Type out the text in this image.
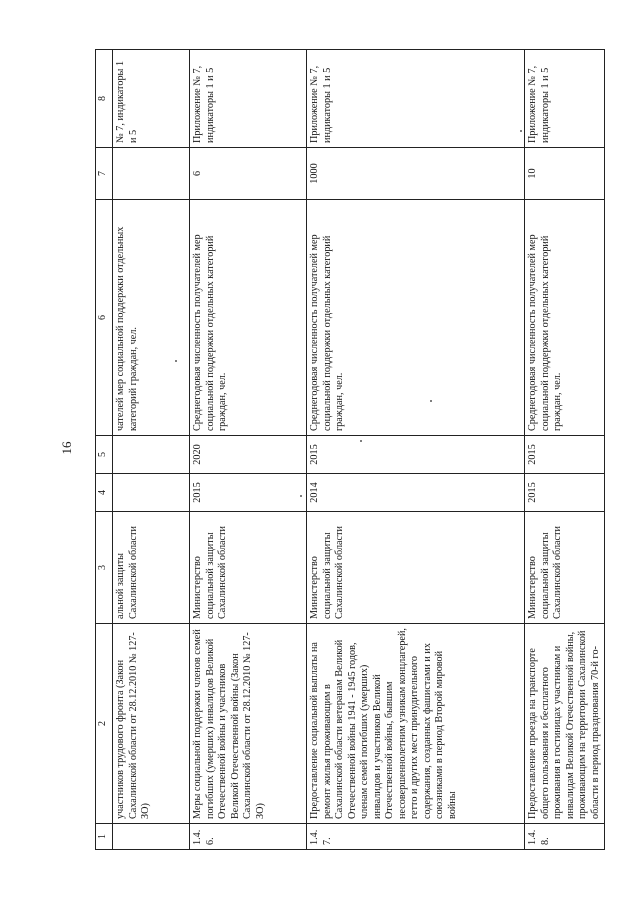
16
1	2	3	4	5	6	7	8
	участников трудового фронта (Закон Сахалинской области от 28.12.2010 № 127-ЗО)	альной защиты Сахалинской области			чателей мер социальной поддержки отдельных категорий граждан, чел.		№ 7, индикаторы 1 и 5
1.4.6.	Меры социальной поддержки членов семей погибших (умерших) инвалидов Великой Отечественной войны и участников Великой Отечественной войны (Закон Сахалинской области от 28.12.2010 № 127-ЗО)	Министерство социальной защиты Сахалинской области	2015	2020	Среднегодовая численность получателей мер социальной поддержки отдельных категорий граждан, чел.	6	Приложение № 7, индикаторы 1 и 5
1.4.7.	Предоставление социальной выплаты на ремонт жилья проживающим в Сахалинской области ветеранам Великой Отечественной войны 1941 - 1945 годов, членам семей погибших (умерших) инвалидов и участников Великой Отечественной войны, бывшим несовершеннолетним узникам концлагерей, гетто и других мест принудительного содержания, созданных фашистами и их союзниками в период Второй мировой войны	Министерство социальной защиты Сахалинской области	2014	2015	Среднегодовая численность получателей мер социальной поддержки отдельных категорий граждан, чел.	1000	Приложение № 7, индикаторы 1 и 5
1.4.8.	Предоставление проезда на транспорте общего пользования и бесплатного проживания в гостиницах участникам и инвалидам Великой Отечественной войны, проживающим на территории Сахалинской области в период празднования 70-й го-	Министерство социальной защиты Сахалинской области	2015	2015	Среднегодовая численность получателей мер социальной поддержки отдельных категорий граждан, чел.	10	Приложение № 7, индикаторы 1 и 5
